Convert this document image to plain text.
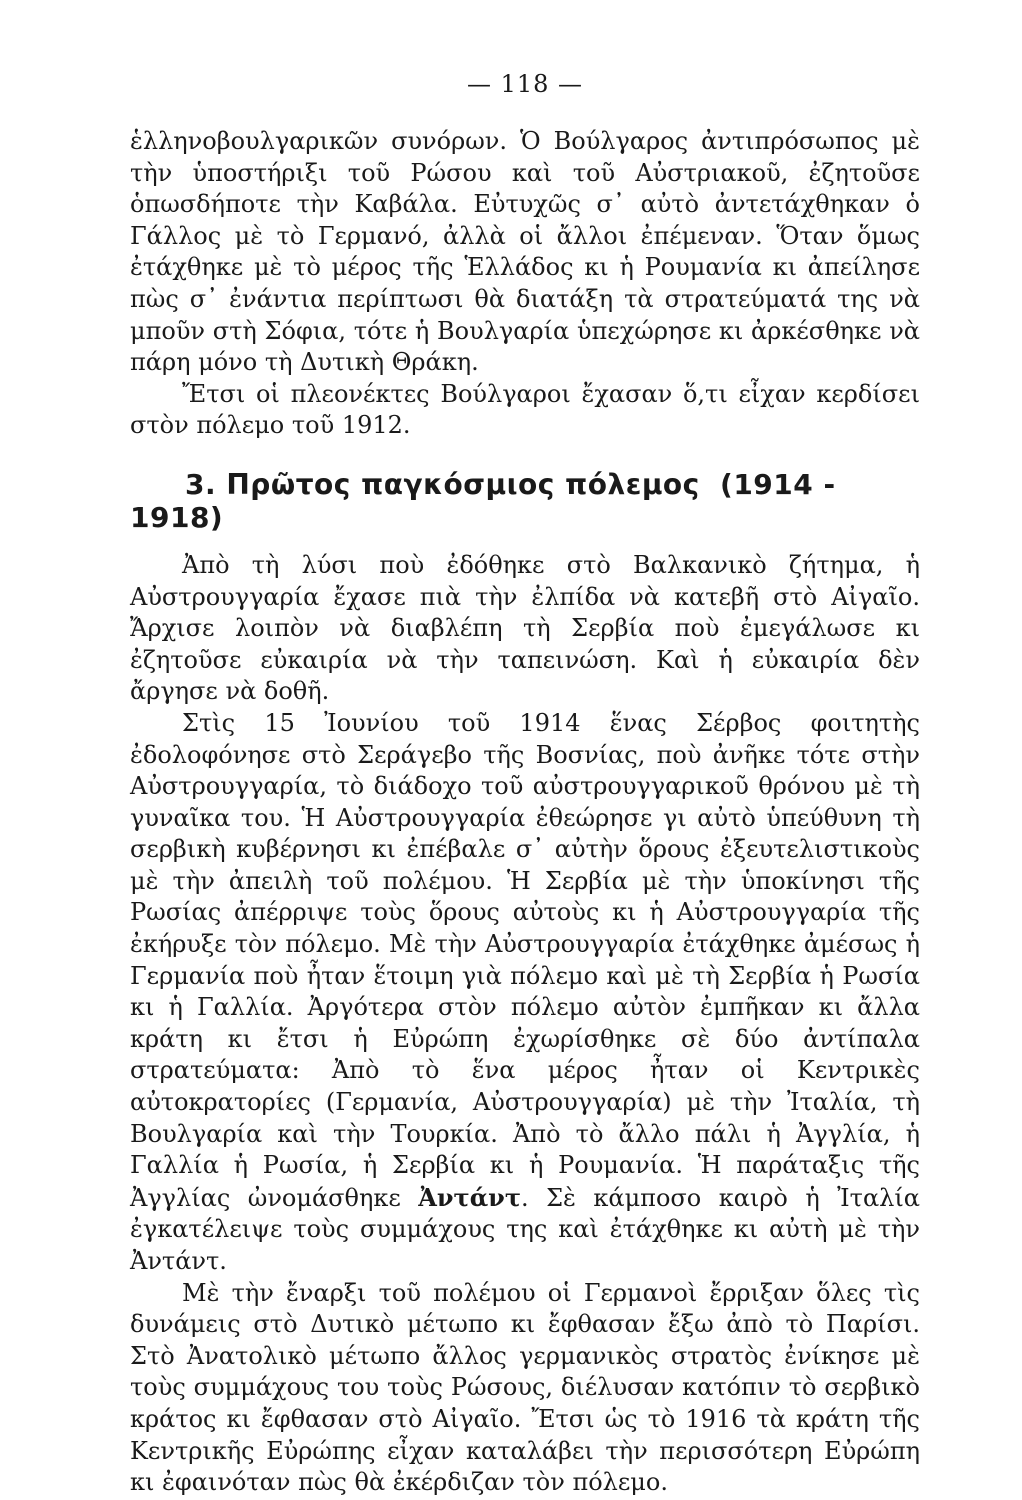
— 118 —

ἑλληνοβουλγαρικῶν συνόρων. Ὁ Βούλγαρος ἀντιπρόσωπος μὲ τὴν ὑποστήριξι τοῦ Ρώσου καὶ τοῦ Αὐστριακοῦ, ἐζητοῦσε ὁπωσδήποτε τὴν Καβάλα. Εὐτυχῶς σ᾿ αὐτὸ ἀντετάχθηκαν ὁ Γάλλος μὲ τὸ Γερμανό, ἀλλὰ οἱ ἄλλοι ἐπέμεναν. Ὅταν ὅμως ἐτάχθηκε μὲ τὸ μέρος τῆς Ἑλλάδος κι ἡ Ρουμανία κι ἀπείλησε πὼς σ᾿ ἐνάντια περίπτωσι θὰ διατάξη τὰ στρατεύματά της νὰ μποῦν στὴ Σόφια, τότε ἡ Βουλγαρία ὑπεχώρησε κι ἀρκέσθηκε νὰ πάρη μόνο τὴ Δυτικὴ Θράκη.

Ἔτσι οἱ πλεονέκτες Βούλγαροι ἔχασαν ὅ,τι εἶχαν κερδίσει στὸν πόλεμο τοῦ 1912.

3. Πρῶτος παγκόσμιος πόλεμος (1914 - 1918)

Ἀπὸ τὴ λύσι ποὺ ἐδόθηκε στὸ Βαλκανικὸ ζήτημα, ἡ Αὐστρουγγαρία ἔχασε πιὰ τὴν ἐλπίδα νὰ κατεβῆ στὸ Αἰγαῖο. Ἄρχισε λοιπὸν νὰ διαβλέπη τὴ Σερβία ποὺ ἐμεγάλωσε κι ἐζητοῦσε εὐκαιρία νὰ τὴν ταπεινώση. Καὶ ἡ εὐκαιρία δὲν ἄργησε νὰ δοθῆ.

Στὶς 15 Ἰουνίου τοῦ 1914 ἕνας Σέρβος φοιτητὴς ἐδολοφόνησε στὸ Σεράγεβο τῆς Βοσνίας, ποὺ ἀνῆκε τότε στὴν Αὐστρουγγαρία, τὸ διάδοχο τοῦ αὐστρουγγαρικοῦ θρόνου μὲ τὴ γυναῖκα του. Ἡ Αὐστρουγγαρία ἐθεώρησε γι αὐτὸ ὑπεύθυνη τὴ σερβικὴ κυβέρνησι κι ἐπέβαλε σ᾿ αὐτὴν ὅρους ἐξευτελιστικοὺς μὲ τὴν ἀπειλὴ τοῦ πολέμου. Ἡ Σερβία μὲ τὴν ὑποκίνησι τῆς Ρωσίας ἀπέρριψε τοὺς ὅρους αὐτοὺς κι ἡ Αὐστρουγγαρία τῆς ἐκήρυξε τὸν πόλεμο. Μὲ τὴν Αὐστρουγγαρία ἐτάχθηκε ἀμέσως ἡ Γερμανία ποὺ ἦταν ἕτοιμη γιὰ πόλεμο καὶ μὲ τὴ Σερβία ἡ Ρωσία κι ἡ Γαλλία. Ἀργότερα στὸν πόλεμο αὐτὸν ἐμπῆκαν κι ἄλλα κράτη κι ἔτσι ἡ Εὐρώπη ἐχωρίσθηκε σὲ δύο ἀντίπαλα στρατεύματα: Ἀπὸ τὸ ἕνα μέρος ἦταν οἱ Κεντρικὲς αὐτοκρατορίες (Γερμανία, Αὐστρουγγαρία) μὲ τὴν Ἰταλία, τὴ Βουλγαρία καὶ τὴν Τουρκία. Ἀπὸ τὸ ἄλλο πάλι ἡ Ἀγγλία, ἡ Γαλλία ἡ Ρωσία, ἡ Σερβία κι ἡ Ρουμανία. Ἡ παράταξις τῆς Ἀγγλίας ὠνομάσθηκε Ἀντάντ. Σὲ κάμποσο καιρὸ ἡ Ἰταλία ἐγκατέλειψε τοὺς συμμάχους της καὶ ἐτάχθηκε κι αὐτὴ μὲ τὴν Ἀντάντ.

Μὲ τὴν ἔναρξι τοῦ πολέμου οἱ Γερμανοὶ ἔρριξαν ὅλες τὶς δυνάμεις στὸ Δυτικὸ μέτωπο κι ἔφθασαν ἔξω ἀπὸ τὸ Παρίσι. Στὸ Ἀνατολικὸ μέτωπο ἄλλος γερμανικὸς στρατὸς ἐνίκησε μὲ τοὺς συμμάχους του τοὺς Ρώσους, διέλυσαν κατόπιν τὸ σερβικὸ κράτος κι ἔφθασαν στὸ Αἰγαῖο. Ἔτσι ὡς τὸ 1916 τὰ κράτη τῆς Κεντρικῆς Εὐρώπης εἶχαν καταλάβει τὴν περισσότερη Εὐρώπη κι ἐφαινόταν πὼς θὰ ἐκέρδιζαν τὸν πόλεμο.
